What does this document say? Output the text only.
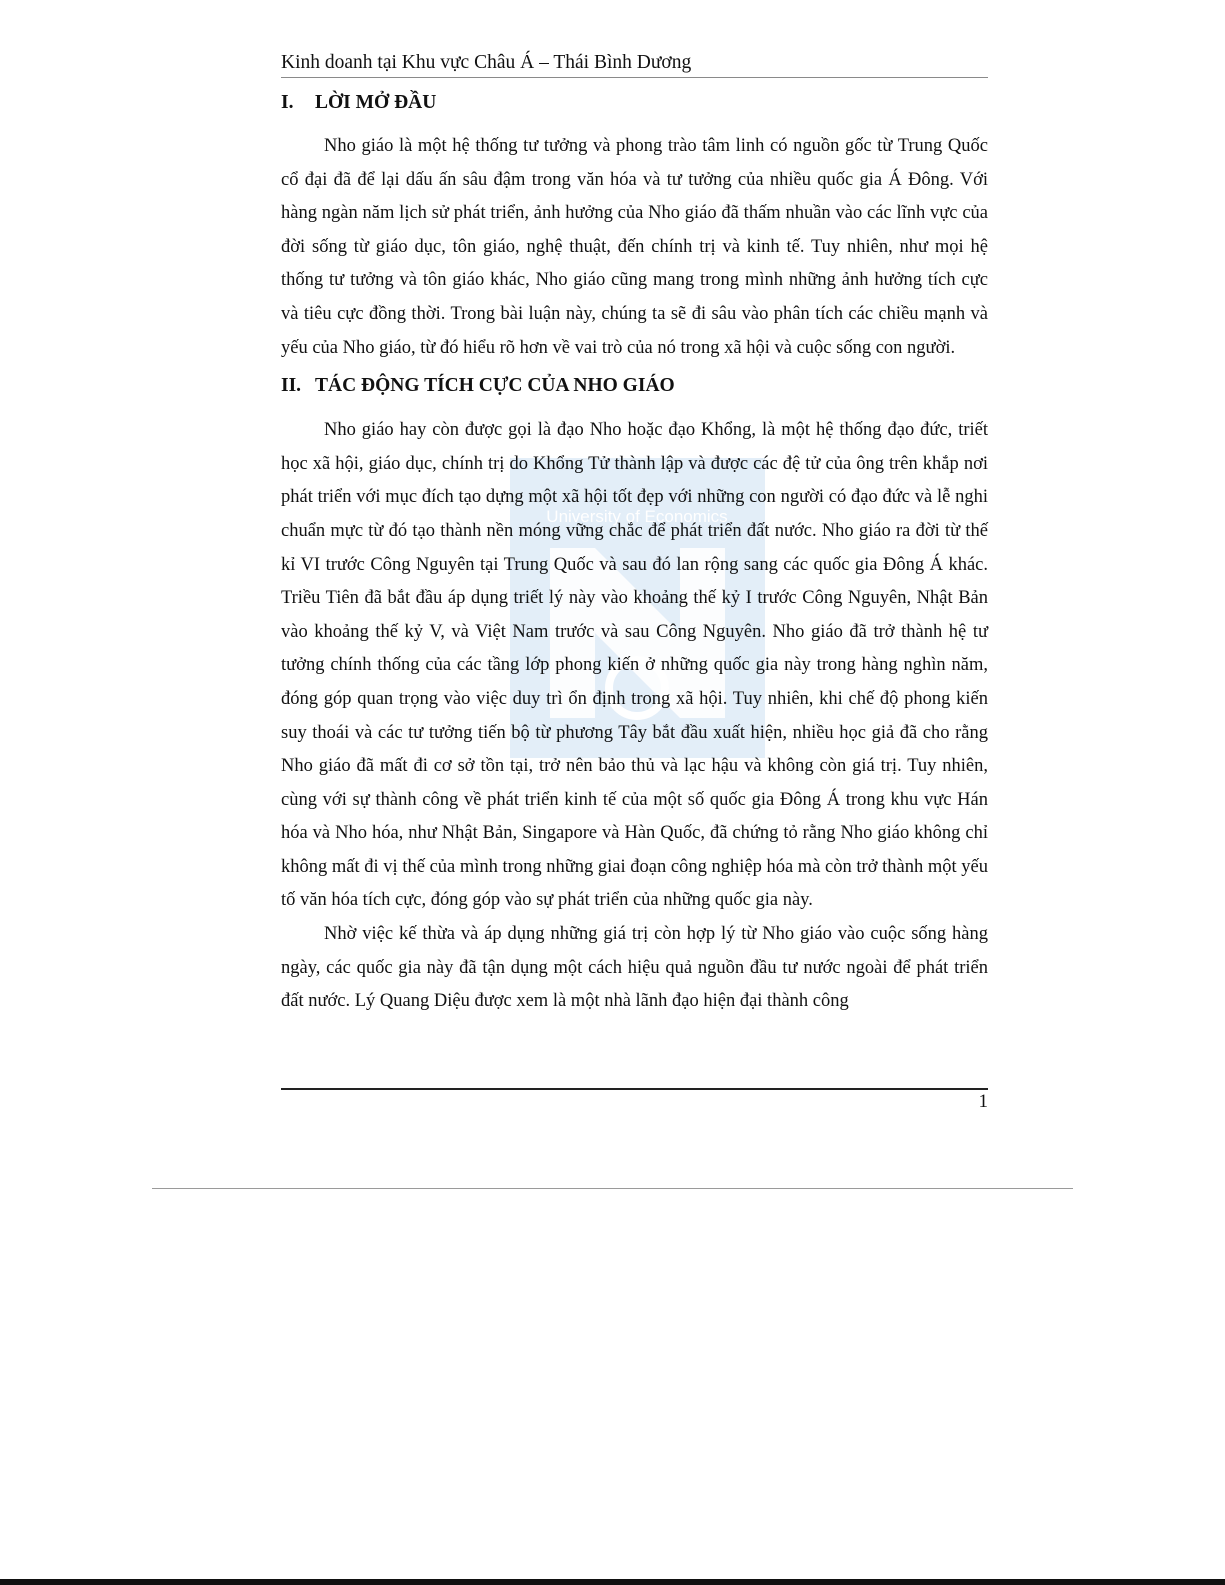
University of Economics
Kinh doanh tại Khu vực Châu Á – Thái Bình Dương
I.	LỜI MỞ ĐẦU

Nho giáo là một hệ thống tư tưởng và phong trào tâm linh có nguồn gốc từ Trung Quốc cổ đại đã để lại dấu ấn sâu đậm trong văn hóa và tư tưởng của nhiều quốc gia Á Đông. Với hàng ngàn năm lịch sử phát triển, ảnh hưởng của Nho giáo đã thấm nhuần vào các lĩnh vực của đời sống từ giáo dục, tôn giáo, nghệ thuật, đến chính trị và kinh tế. Tuy nhiên, như mọi hệ thống tư tưởng và tôn giáo khác, Nho giáo cũng mang trong mình những ảnh hưởng tích cực và tiêu cực đồng thời. Trong bài luận này, chúng ta sẽ đi sâu vào phân tích các chiều mạnh và yếu của Nho giáo, từ đó hiểu rõ hơn về vai trò của nó trong xã hội và cuộc sống con người.

II. TÁC ĐỘNG TÍCH CỰC CỦA NHO GIÁO

Nho giáo hay còn được gọi là đạo Nho hoặc đạo Khổng, là một hệ thống đạo đức, triết học xã hội, giáo dục, chính trị do Khổng Tử thành lập và được các đệ tử của ông trên khắp nơi phát triển với mục đích tạo dựng một xã hội tốt đẹp với những con người có đạo đức và lễ nghi chuẩn mực từ đó tạo thành nền móng vững chắc để phát triển đất nước. Nho giáo ra đời từ thế kỉ VI trước Công Nguyên tại Trung Quốc và sau đó lan rộng sang các quốc gia Đông Á khác. Triều Tiên đã bắt đầu áp dụng triết lý này vào khoảng thế kỷ I trước Công Nguyên, Nhật Bản vào khoảng thế kỷ V, và Việt Nam trước và sau Công Nguyên. Nho giáo đã trở thành hệ tư tưởng chính thống của các tầng lớp phong kiến ở những quốc gia này trong hàng nghìn năm, đóng góp quan trọng vào việc duy trì ổn định trong xã hội. Tuy nhiên, khi chế độ phong kiến suy thoái và các tư tưởng tiến bộ từ phương Tây bắt đầu xuất hiện, nhiều học giả đã cho rằng Nho giáo đã mất đi cơ sở tồn tại, trở nên bảo thủ và lạc hậu và không còn giá trị. Tuy nhiên, cùng với sự thành công về phát triển kinh tế của một số quốc gia Đông Á trong khu vực Hán hóa và Nho hóa, như Nhật Bản, Singapore và Hàn Quốc, đã chứng tỏ rằng Nho giáo không chỉ không mất đi vị thế của mình trong những giai đoạn công nghiệp hóa mà còn trở thành một yếu tố văn hóa tích cực, đóng góp vào sự phát triển của những quốc gia này.

Nhờ việc kế thừa và áp dụng những giá trị còn hợp lý từ Nho giáo vào cuộc sống hàng ngày, các quốc gia này đã tận dụng một cách hiệu quả nguồn đầu tư nước ngoài để phát triển đất nước. Lý Quang Diệu được xem là một nhà lãnh đạo hiện đại thành công

1
